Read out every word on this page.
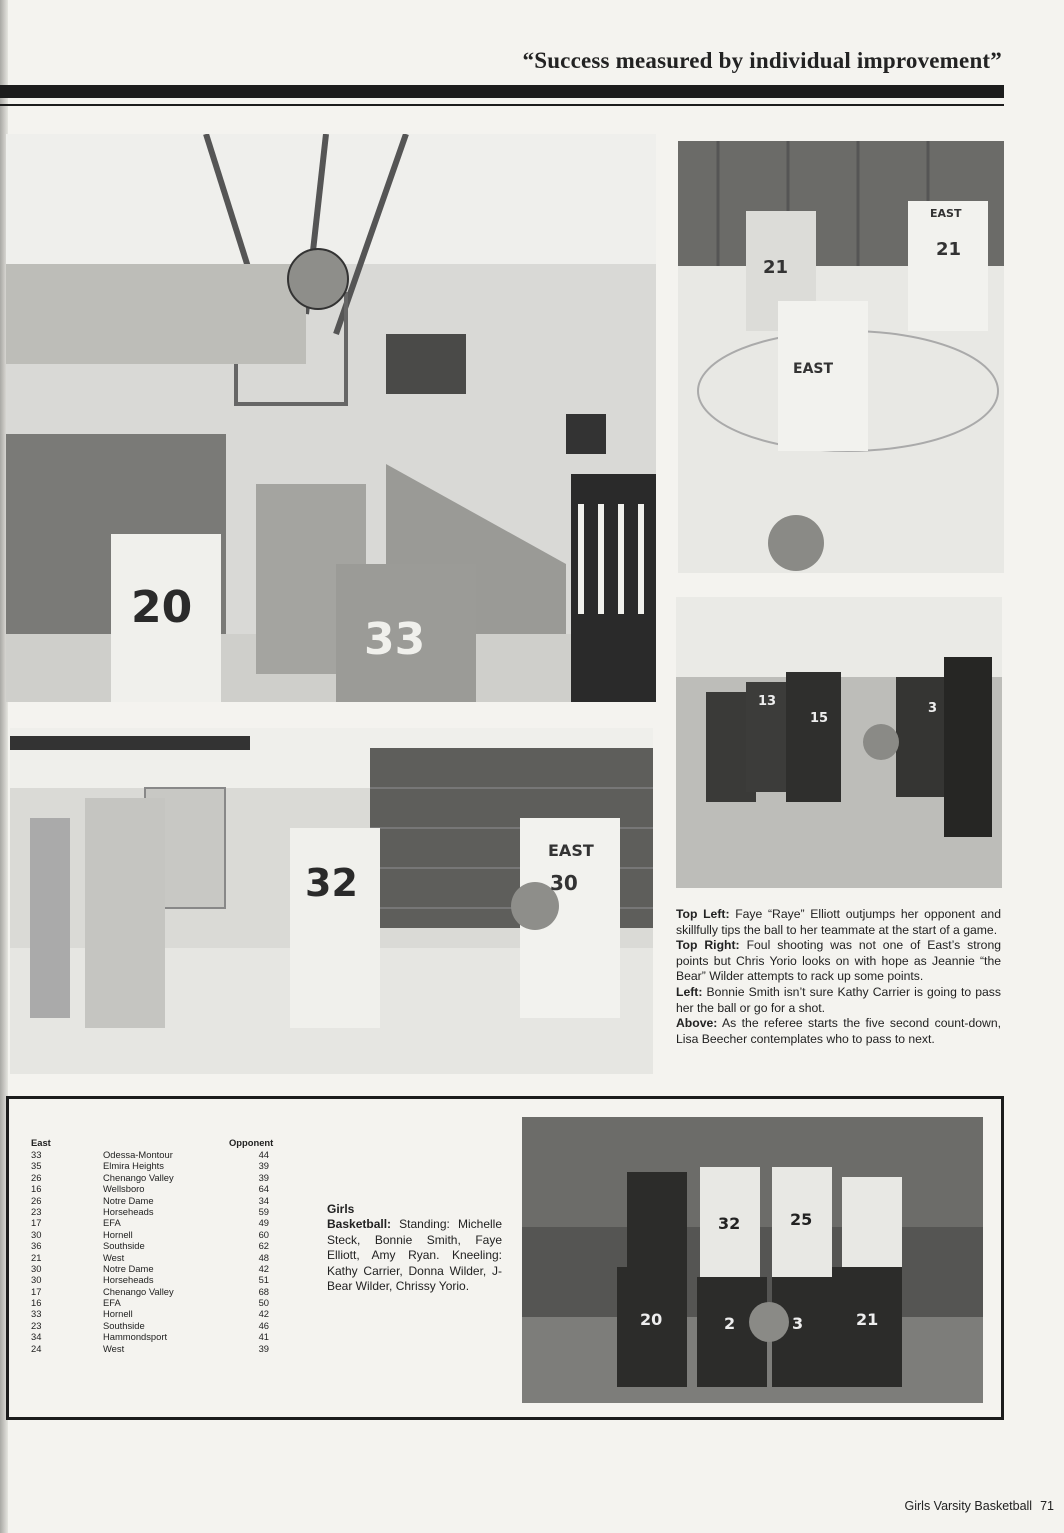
“Success measured by individual improvement”
20
33
21
EAST
21
EAST
13
15
3
32
EAST
30

Top Left: Faye “Raye” Elliott outjumps her opponent and skillfully tips the ball to her teammate at the start of a game.

Top Right: Foul shooting was not one of East’s strong points but Chris Yorio looks on with hope as Jeannie “the Bear” Wilder attempts to rack up some points.

Left: Bonnie Smith isn’t sure Kathy Carrier is going to pass her the ball or go for a shot.

Above: As the referee starts the five second count-down, Lisa Beecher contemplates who to pass to next.

East	Opponent
33	Odessa-Montour	44
35	Elmira Heights	39
26	Chenango Valley	39
16	Wellsboro	64
26	Notre Dame	34
23	Horseheads	59
17	EFA	49
30	Hornell	60
36	Southside	62
21	West	48
30	Notre Dame	42
30	Horseheads	51
17	Chenango Valley	68
16	EFA	50
33	Hornell	42
23	Southside	46
34	Hammondsport	41
24	West	39
Girls
Basketball: Standing: Michelle Steck, Bonnie Smith, Faye Elliott, Amy Ryan. Kneeling: Kathy Carrier, Donna Wilder, J-Bear Wilder, Chrissy Yorio.
32	25
20	2	3	21
Girls Varsity Basketball 71
